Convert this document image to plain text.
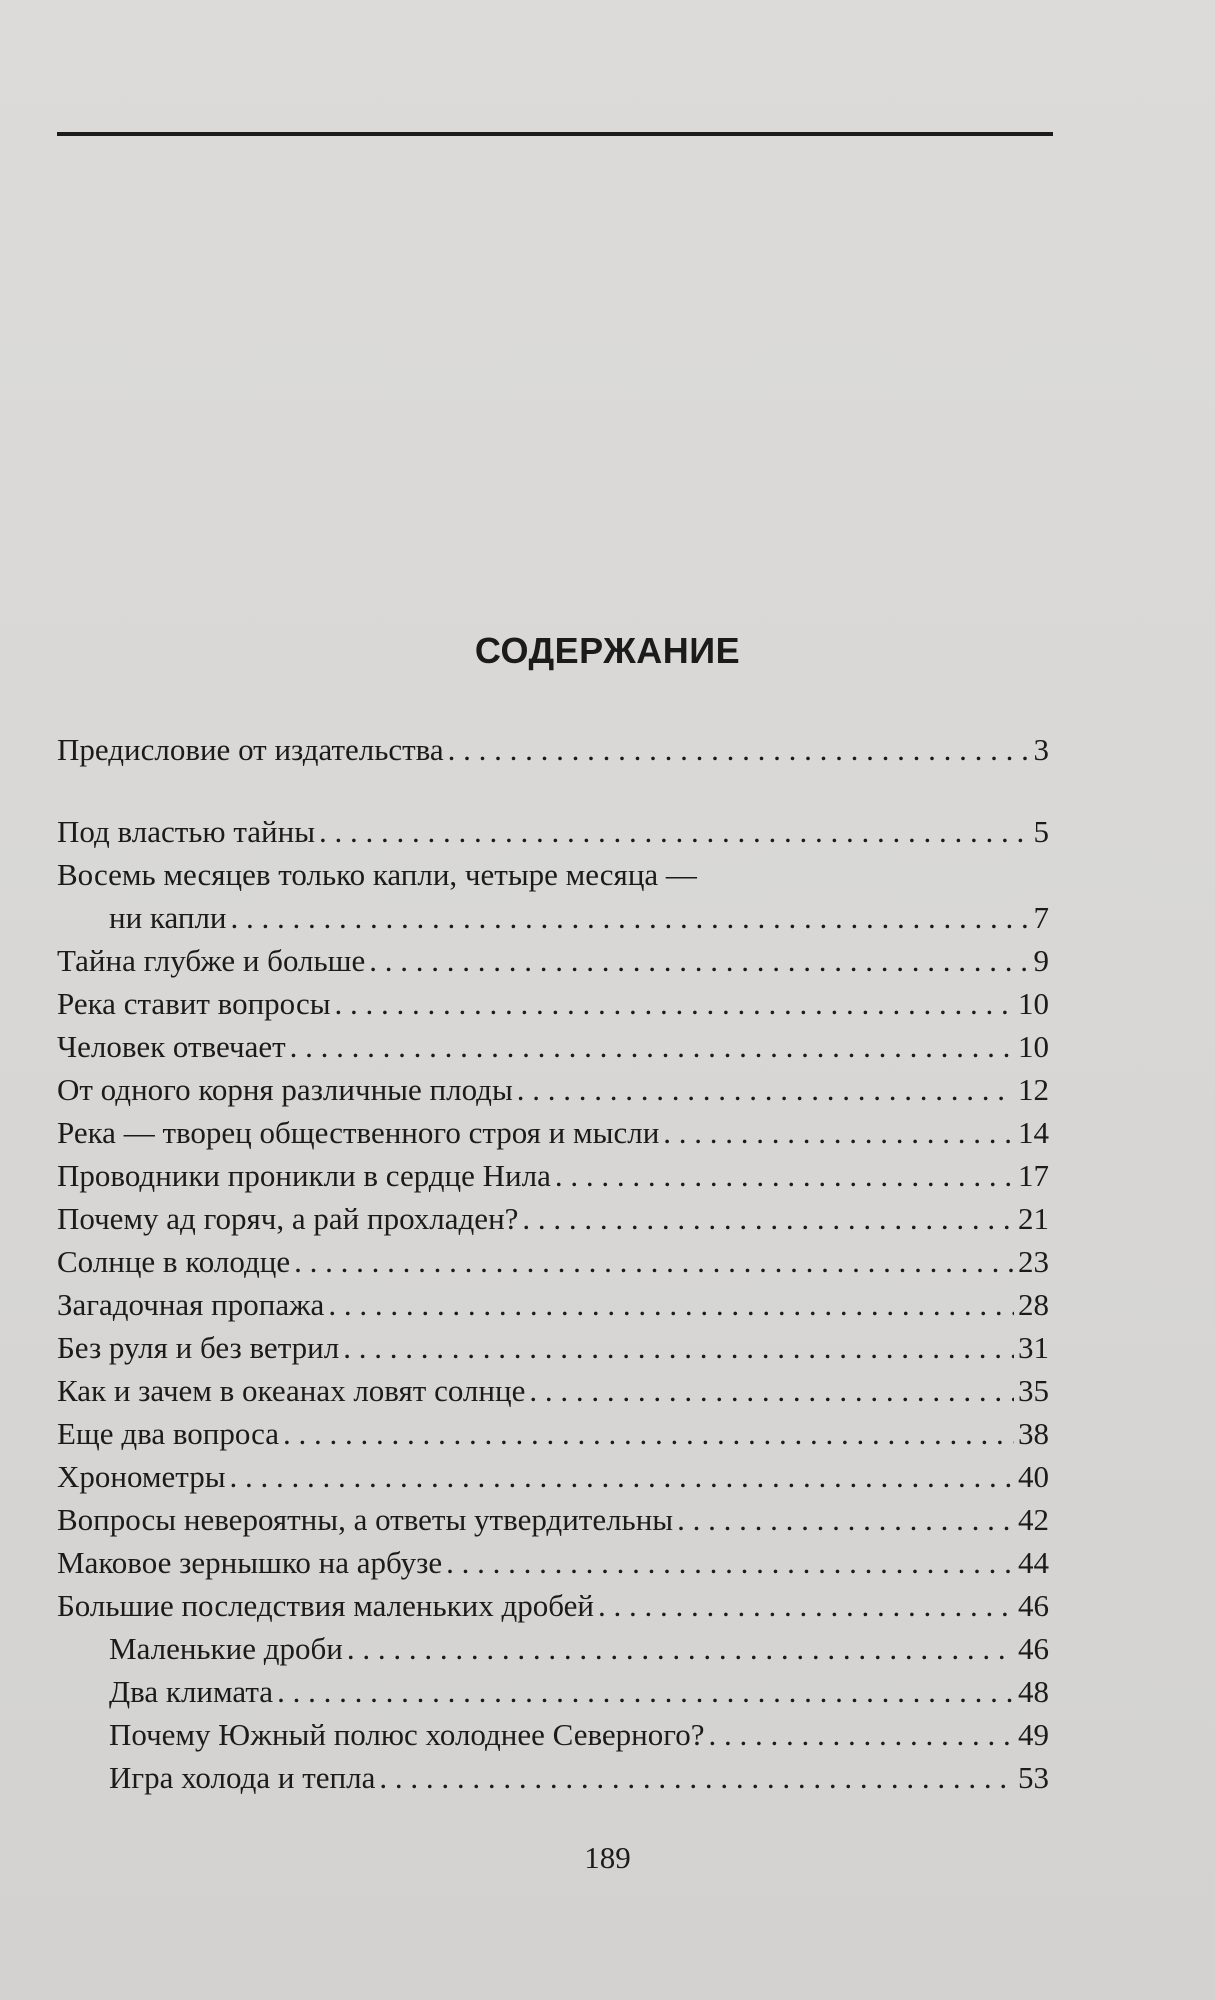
СОДЕРЖАНИЕ
Предисловие от издательства . . .	3
Под властью тайны . . .	5
Восемь месяцев только капли, четыре месяца —
ни капли . . .	7
Тайна глубже и больше . . .	9
Река ставит вопросы . . .	10
Человек отвечает . . .	10
От одного корня различные плоды . . .	12
Река — творец общественного строя и мысли . . .	14
Проводники проникли в сердце Нила . . .	17
Почему ад горяч, а рай прохладен? . . .	21
Солнце в колодце . . .	23
Загадочная пропажа . . .	28
Без руля и без ветрил . . .	31
Как и зачем в океанах ловят солнце . . .	35
Еще два вопроса . . .	38
Хронометры . . .	40
Вопросы невероятны, а ответы утвердительны . . .	42
Маковое зернышко на арбузе . . .	44
Большие последствия маленьких дробей . . .	46
Маленькие дроби . . .	46
Два климата . . .	48
Почему Южный полюс холоднее Северного? . . .	49
Игра холода и тепла . . .	53
189
